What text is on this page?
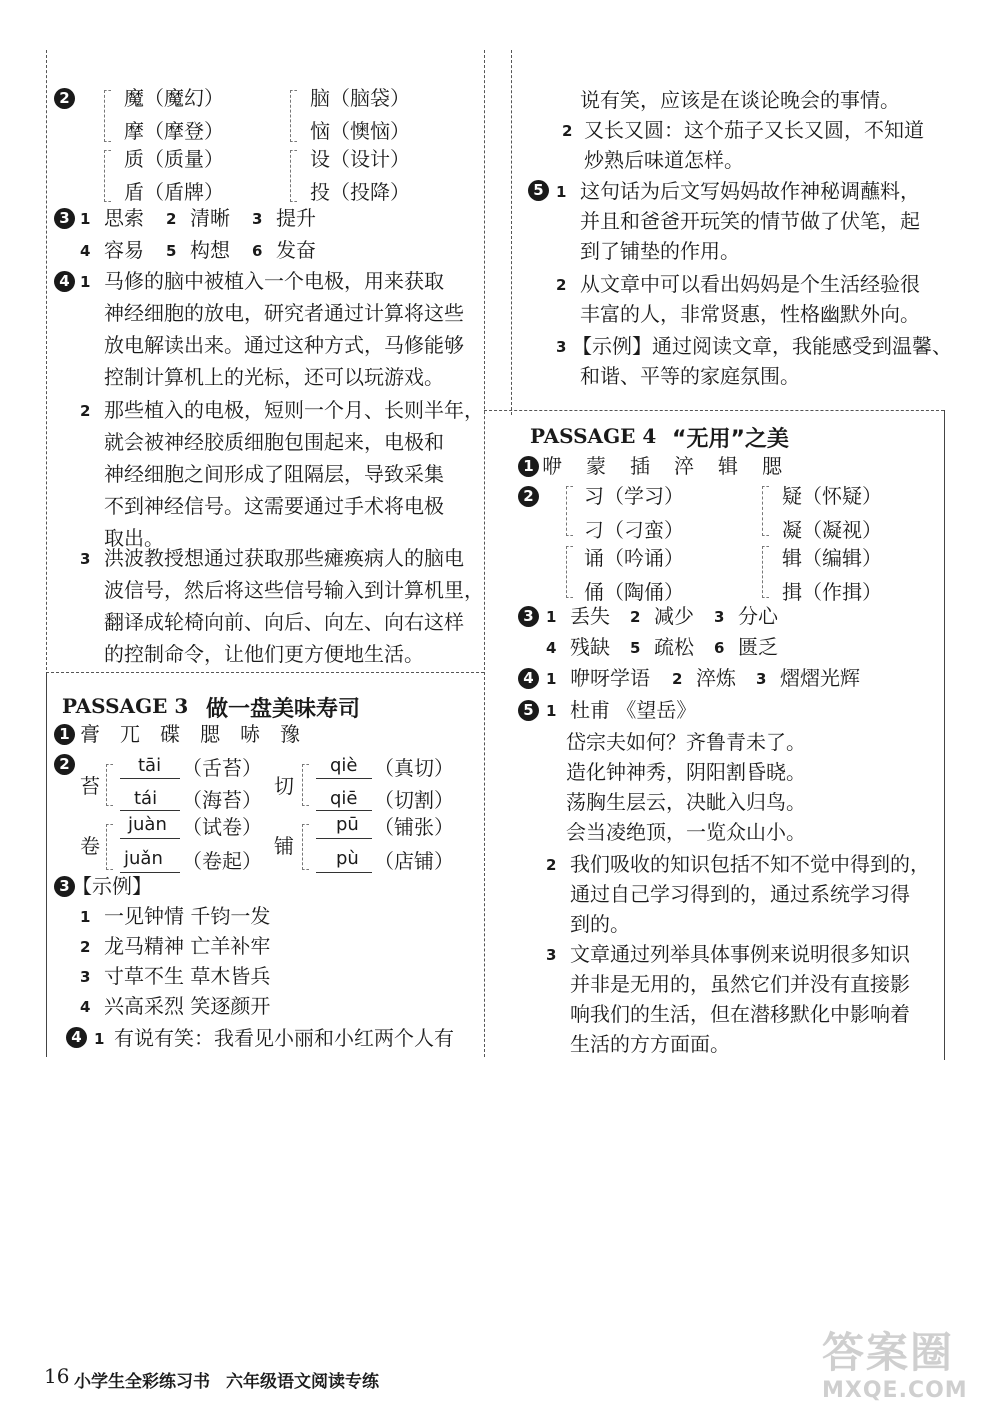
2	魔（魔幻）
摩（摩登）
质（质量）
盾（盾牌）
脑（脑袋）
恼（懊恼）
设（设计）
投（投降）
3 1 思索 2 清晰 3 提升
4 容易 5 构想 6 发奋
4 1 马修的脑中被植入一个电极，用来获取
神经细胞的放电，研究者通过计算将这些
放电解读出来。通过这种方式，马修能够
控制计算机上的光标，还可以玩游戏。
2 那些植入的电极，短则一个月、长则半年，
就会被神经胶质细胞包围起来，电极和
神经细胞之间形成了阻隔层，导致采集
不到神经信号。这需要通过手术将电极
取出。
3 洪波教授想通过获取那些瘫痪病人的脑电
波信号，然后将这些信号输入到计算机里，
翻译成轮椅向前、向后、向左、向右这样
的控制命令，让他们更方便地生活。
PASSAGE 3 做一盘美味寿司
1 膏 兀 碟 腮 哧 豫
2
苔
tāi （舌苔）
tái （海苔）
切
qiè （真切）
qiē （切割）
卷
juàn （试卷）
juǎn （卷起）
铺
pū （铺张）
pù （店铺）
3 【示例】
1 一见钟情 千钧一发
2 龙马精神 亡羊补牢
3 寸草不生 草木皆兵
4 兴高采烈 笑逐颜开
4 1 有说有笑：我看见小丽和小红两个人有
说有笑，应该是在谈论晚会的事情。
2 又长又圆：这个茄子又长又圆，不知道
炒熟后味道怎样。
5 1 这句话为后文写妈妈故作神秘调蘸料，
并且和爸爸开玩笑的情节做了伏笔，起
到了铺垫的作用。
2 从文章中可以看出妈妈是个生活经验很
丰富的人，非常贤惠，性格幽默外向。
3 【示例】通过阅读文章，我能感受到温馨、
和谐、平等的家庭氛围。
PASSAGE 4 “无用”之美
1 咿 蒙 插 淬 辑 腮
2	习（学习）
刁（刁蛮）
诵（吟诵）
俑（陶俑）
疑（怀疑）
凝（凝视）
辑（编辑）
揖（作揖）
3 1 丢失 2 减少 3 分心
4 残缺 5 疏松 6 匮乏
4 1 咿呀学语 2 淬炼 3 熠熠光辉
5 1 杜甫 《望岳》
岱宗夫如何？齐鲁青未了。
造化钟神秀，阴阳割昏晓。
荡胸生层云，决眦入归鸟。
会当凌绝顶，一览众山小。
2 我们吸收的知识包括不知不觉中得到的，
通过自己学习得到的，通过系统学习得
到的。
3 文章通过列举具体事例来说明很多知识
并非是无用的，虽然它们并没有直接影
响我们的生活，但在潜移默化中影响着
生活的方方面面。
16 小学生全彩练习书 六年级语文阅读专练
答案圈
MXQE.COM
